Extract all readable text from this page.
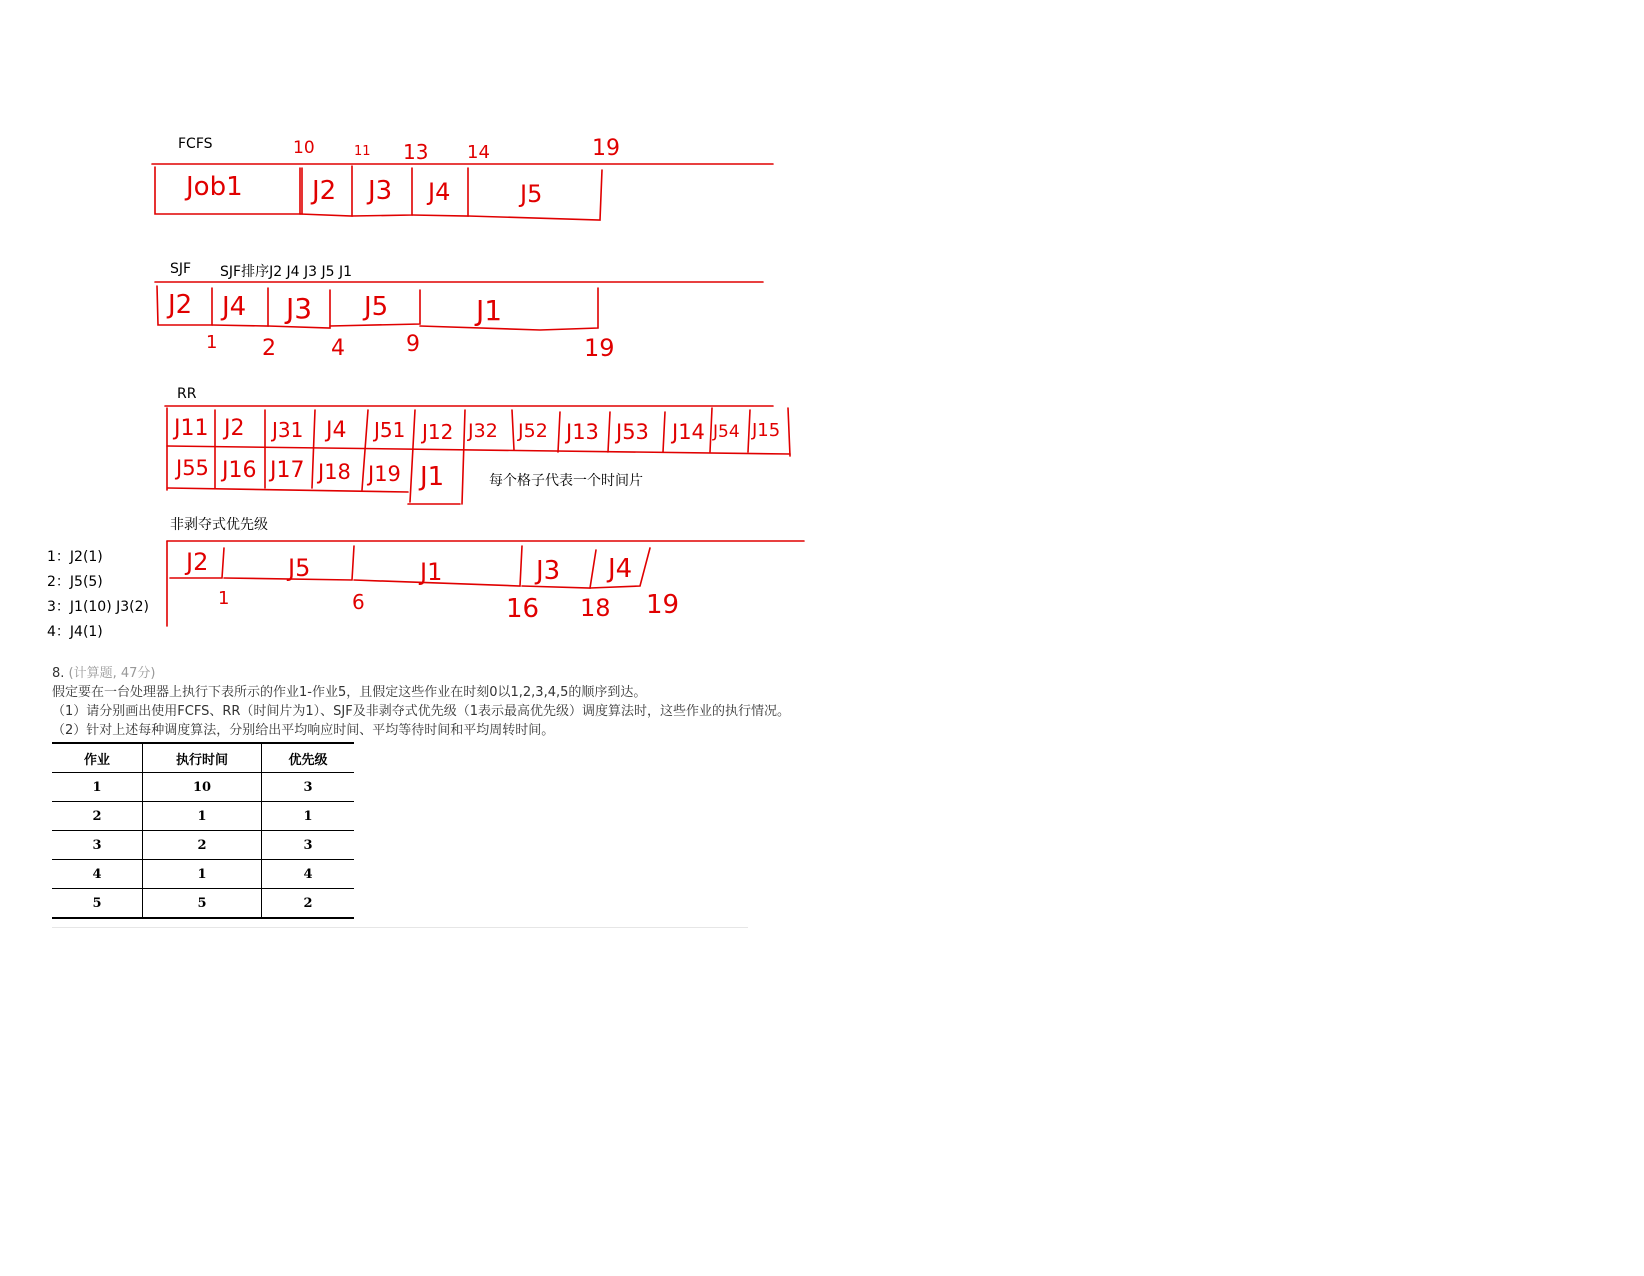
FCFS	10	11 13 14	19
Job1	J2 J3 J4	J5
SJF SJF排序J2 J4 J3 J5 J1
J2 J4 J3 J5	J1
1 2	4	9	19
RR
J11 J2 J31 J4 J51 J12 J32 J52 J13 J53 J14 J54 J15
J55 J16 J17 J18 J19 J1	每个格子代表一个时间片
非剥夺式优先级
1：J2(1)
2：J5(5)
3：J1(10) J3(2)
4：J4(1)
J2	J5	J1	J3 J4
1	6	16 18 19
8. (计算题, 47分)
假定要在一台处理器上执行下表所示的作业1-作业5，且假定这些作业在时刻0以1,2,3,4,5的顺序到达。
（1）请分别画出使用FCFS、RR（时间片为1）、SJF及非剥夺式优先级（1表示最高优先级）调度算法时，这些作业的执行情况。
（2）针对上述每种调度算法，分别给出平均响应时间、平均等待时间和平均周转时间。
作业	执行时间	优先级
1	10	3
2	1	1
3	2	3
4	1	4
5	5	2
